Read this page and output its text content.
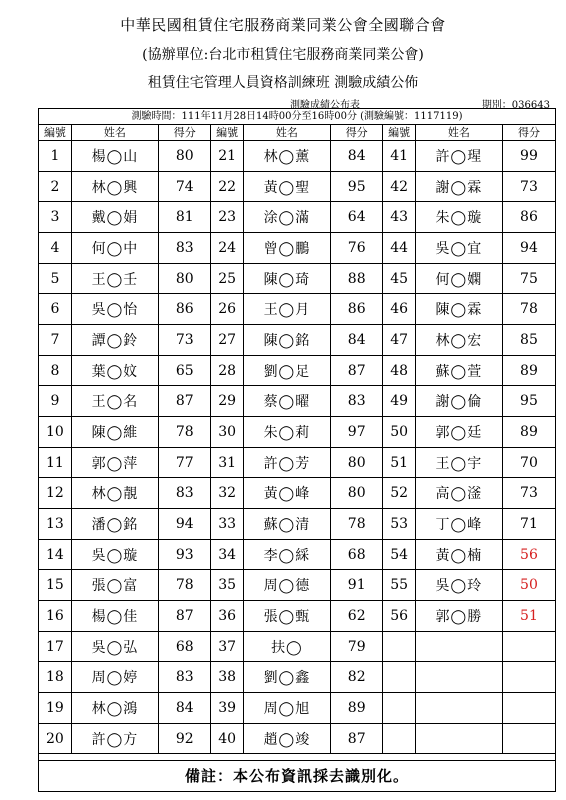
中華民國租賃住宅服務商業同業公會全國聯合會
(協辦單位:台北市租賃住宅服務商業同業公會)
租賃住宅管理人員資格訓練班 測驗成績公佈
測驗成績公布表	期別：036643
測驗時間：111年11月28日14時00分至16時00分 (測驗編號：1117119)
編號	姓名	得分	編號	姓名	得分	編號	姓名	得分
1	楊◯山	80	21	林◯薰	84	41	許◯瑆	99
2	林◯興	74	22	黃◯聖	95	42	謝◯霖	73
3	戴◯娟	81	23	涂◯滿	64	43	朱◯璇	86
4	何◯中	83	24	曾◯鵬	76	44	吳◯宜	94
5	王◯壬	80	25	陳◯琦	88	45	何◯嫻	75
6	吳◯怡	86	26	王◯月	86	46	陳◯霖	78
7	譚◯鈴	73	27	陳◯銘	84	47	林◯宏	85
8	葉◯妏	65	28	劉◯足	87	48	蘇◯萱	89
9	王◯名	87	29	蔡◯曜	83	49	謝◯倫	95
10	陳◯維	78	30	朱◯莉	97	50	郭◯廷	89
11	郭◯萍	77	31	許◯芳	80	51	王◯宇	70
12	林◯靚	83	32	黃◯峰	80	52	高◯滏	73
13	潘◯銘	94	33	蘇◯清	78	53	丁◯峰	71
14	吳◯璇	93	34	李◯綵	68	54	黃◯楠	56
15	張◯富	78	35	周◯德	91	55	吳◯玲	50
16	楊◯佳	87	36	張◯甄	62	56	郭◯勝	51
17	吳◯弘	68	37	扶◯	79			
18	周◯婷	83	38	劉◯鑫	82			
19	林◯鴻	84	39	周◯旭	89			
20	許◯方	92	40	趙◯竣	87			
備註：本公布資訊採去識別化。
